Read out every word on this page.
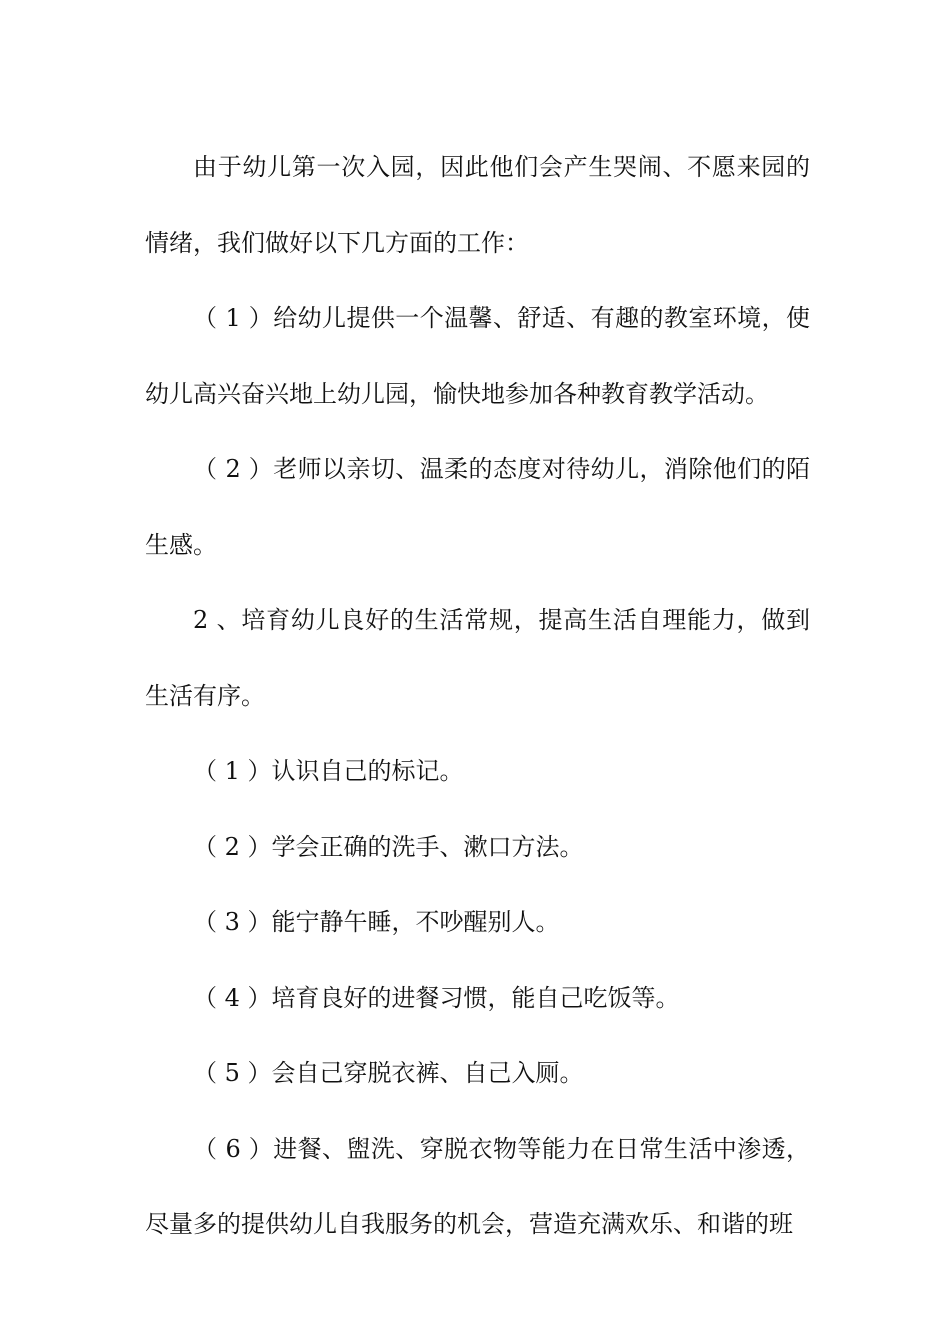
由于幼儿第一次入园，因此他们会产生哭闹、不愿来园的情绪，我们做好以下几方面的工作：

（ 1 ）给幼儿提供一个温馨、舒适、有趣的教室环境，使幼儿高兴奋兴地上幼儿园，愉快地参加各种教育教学活动。

（ 2 ）老师以亲切、温柔的态度对待幼儿，消除他们的陌生感。

2 、培育幼儿良好的生活常规，提高生活自理能力，做到生活有序。

（ 1 ）认识自己的标记。

（ 2 ）学会正确的洗手、漱口方法。

（ 3 ）能宁静午睡，不吵醒别人。

（ 4 ）培育良好的进餐习惯，能自己吃饭等。

（ 5 ）会自己穿脱衣裤、自己入厕。

（ 6 ）进餐、盥洗、穿脱衣物等能力在日常生活中渗透，尽量多的提供幼儿自我服务的机会，营造充满欢乐、和谐的班
